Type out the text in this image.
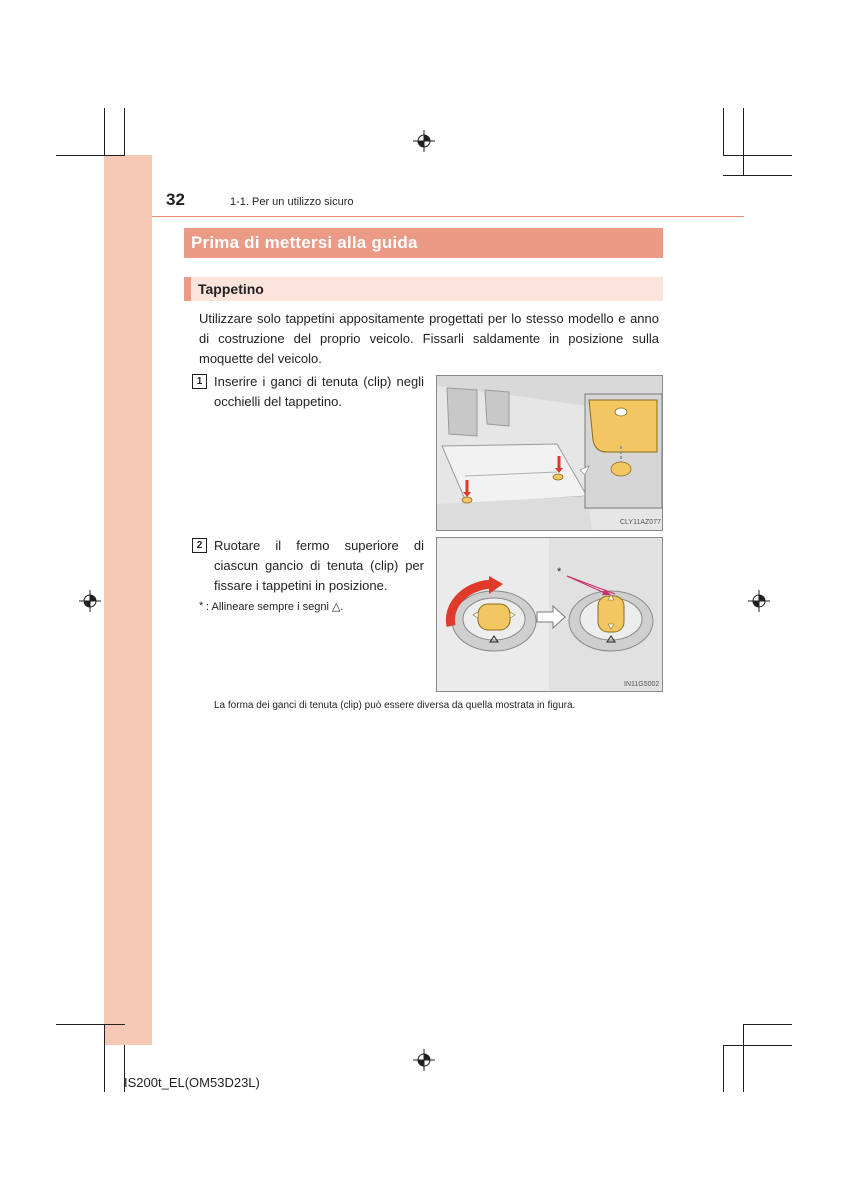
32	1-1. Per un utilizzo sicuro
Prima di mettersi alla guida
Tappetino
Utilizzare solo tappetini appositamente progettati per lo stesso modello e anno di costruzione del proprio veicolo. Fissarli saldamente in posizione sulla moquette del veicolo.
1 Inserire i ganci di tenuta (clip) negli occhielli del tappetino.
CLY11AZ077
2 Ruotare il fermo superiore di ciascun gancio di tenuta (clip) per fissare i tappetini in posizione.
* : Allineare sempre i segni △.
*
IN11G5002
La forma dei ganci di tenuta (clip) può essere diversa da quella mostrata in figura.
IS200t_EL(OM53D23L)
